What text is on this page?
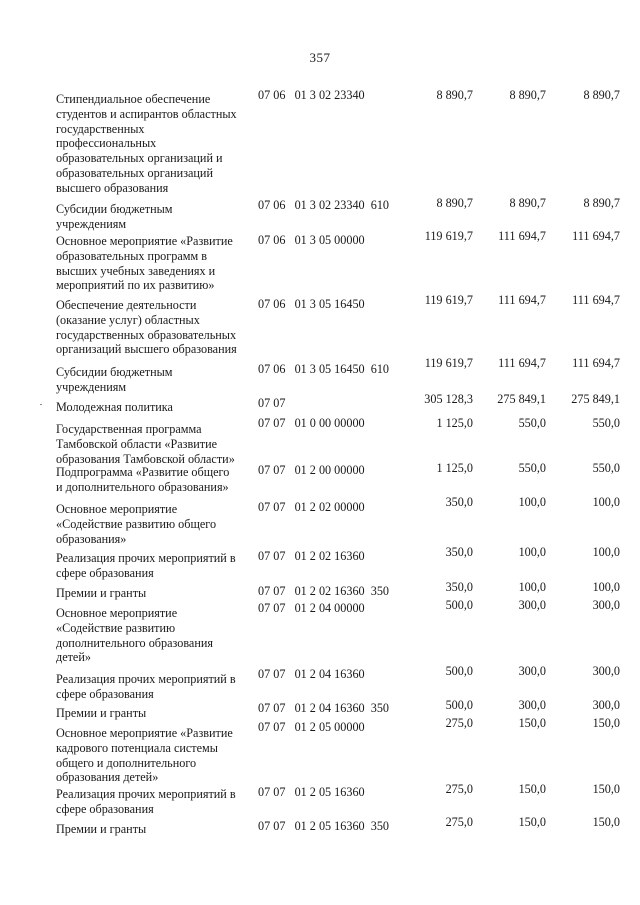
357
Стипендиальное обеспечение
студентов и аспирантов областных
государственных
профессиональных
образовательных организаций и
образовательных организаций
высшего образования
07 06   01 3 02 23340	8 890,7	8 890,7	8 890,7
Субсидии бюджетным
учреждениям
07 06   01 3 02 23340  610	8 890,7	8 890,7	8 890,7
Основное мероприятие «Развитие
образовательных программ в
высших учебных заведениях и
мероприятий по их развитию»
07 06   01 3 05 00000	119 619,7	111 694,7	111 694,7
Обеспечение деятельности
(оказание услуг) областных
государственных образовательных
организаций высшего образования
07 06   01 3 05 16450	119 619,7	111 694,7	111 694,7
Субсидии бюджетным
учреждениям
07 06   01 3 05 16450  610	119 619,7	111 694,7	111 694,7
Молодежная политика	07 07	305 128,3	275 849,1	275 849,1
Государственная программа
Тамбовской области «Развитие
образования Тамбовской области»
07 07   01 0 00 00000	1 125,0	550,0	550,0
Подпрограмма «Развитие общего
и дополнительного образования»
07 07   01 2 00 00000	1 125,0	550,0	550,0
Основное мероприятие
«Содействие развитию общего
образования»
07 07   01 2 02 00000	350,0	100,0	100,0
Реализация прочих мероприятий в
сфере образования
07 07   01 2 02 16360	350,0	100,0	100,0
Премии и гранты	07 07   01 2 02 16360  350	350,0	100,0	100,0
Основное мероприятие
«Содействие развитию
дополнительного образования
детей»
07 07   01 2 04 00000	500,0	300,0	300,0
Реализация прочих мероприятий в
сфере образования
07 07   01 2 04 16360	500,0	300,0	300,0
Премии и гранты	07 07   01 2 04 16360  350	500,0	300,0	300,0
Основное мероприятие «Развитие
кадрового потенциала системы
общего и дополнительного
образования детей»
07 07   01 2 05 00000	275,0	150,0	150,0
Реализация прочих мероприятий в
сфере образования
07 07   01 2 05 16360	275,0	150,0	150,0
Премии и гранты	07 07   01 2 05 16360  350	275,0	150,0	150,0
